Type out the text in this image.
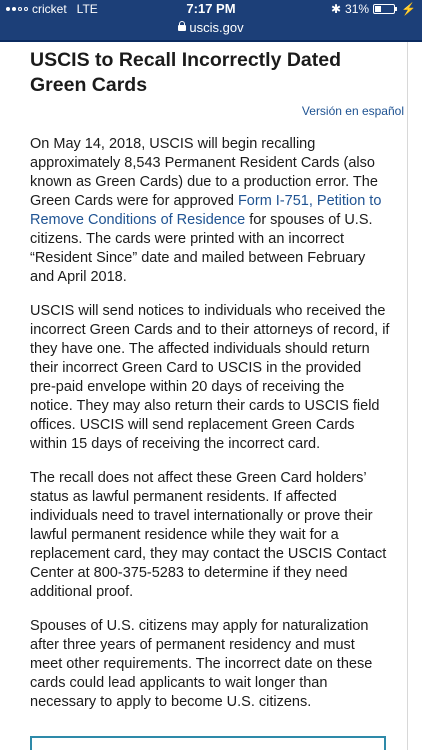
cricket LTE	7:17 PM	✱ 31%	⚡
uscis.gov
USCIS to Recall Incorrectly Dated Green Cards
Versión en español

On May 14, 2018, USCIS will begin recalling approximately 8,543 Permanent Resident Cards (also known as Green Cards) due to a production error. The Green Cards were for approved Form I-751, Petition to Remove Conditions of Residence for spouses of U.S. citizens. The cards were printed with an incorrect “Resident Since” date and mailed between February and April 2018.

USCIS will send notices to individuals who received the incorrect Green Cards and to their attorneys of record, if they have one. The affected individuals should return their incorrect Green Card to USCIS in the provided pre-paid envelope within 20 days of receiving the notice. They may also return their cards to USCIS field offices. USCIS will send replacement Green Cards within 15 days of receiving the incorrect card.

The recall does not affect these Green Card holders’ status as lawful permanent residents. If affected individuals need to travel internationally or prove their lawful permanent residence while they wait for a replacement card, they may contact the USCIS Contact Center at 800-375-5283 to determine if they need additional proof.

Spouses of U.S. citizens may apply for naturalization after three years of permanent residency and must meet other requirements. The incorrect date on these cards could lead applicants to wait longer than necessary to apply to become U.S. citizens.
